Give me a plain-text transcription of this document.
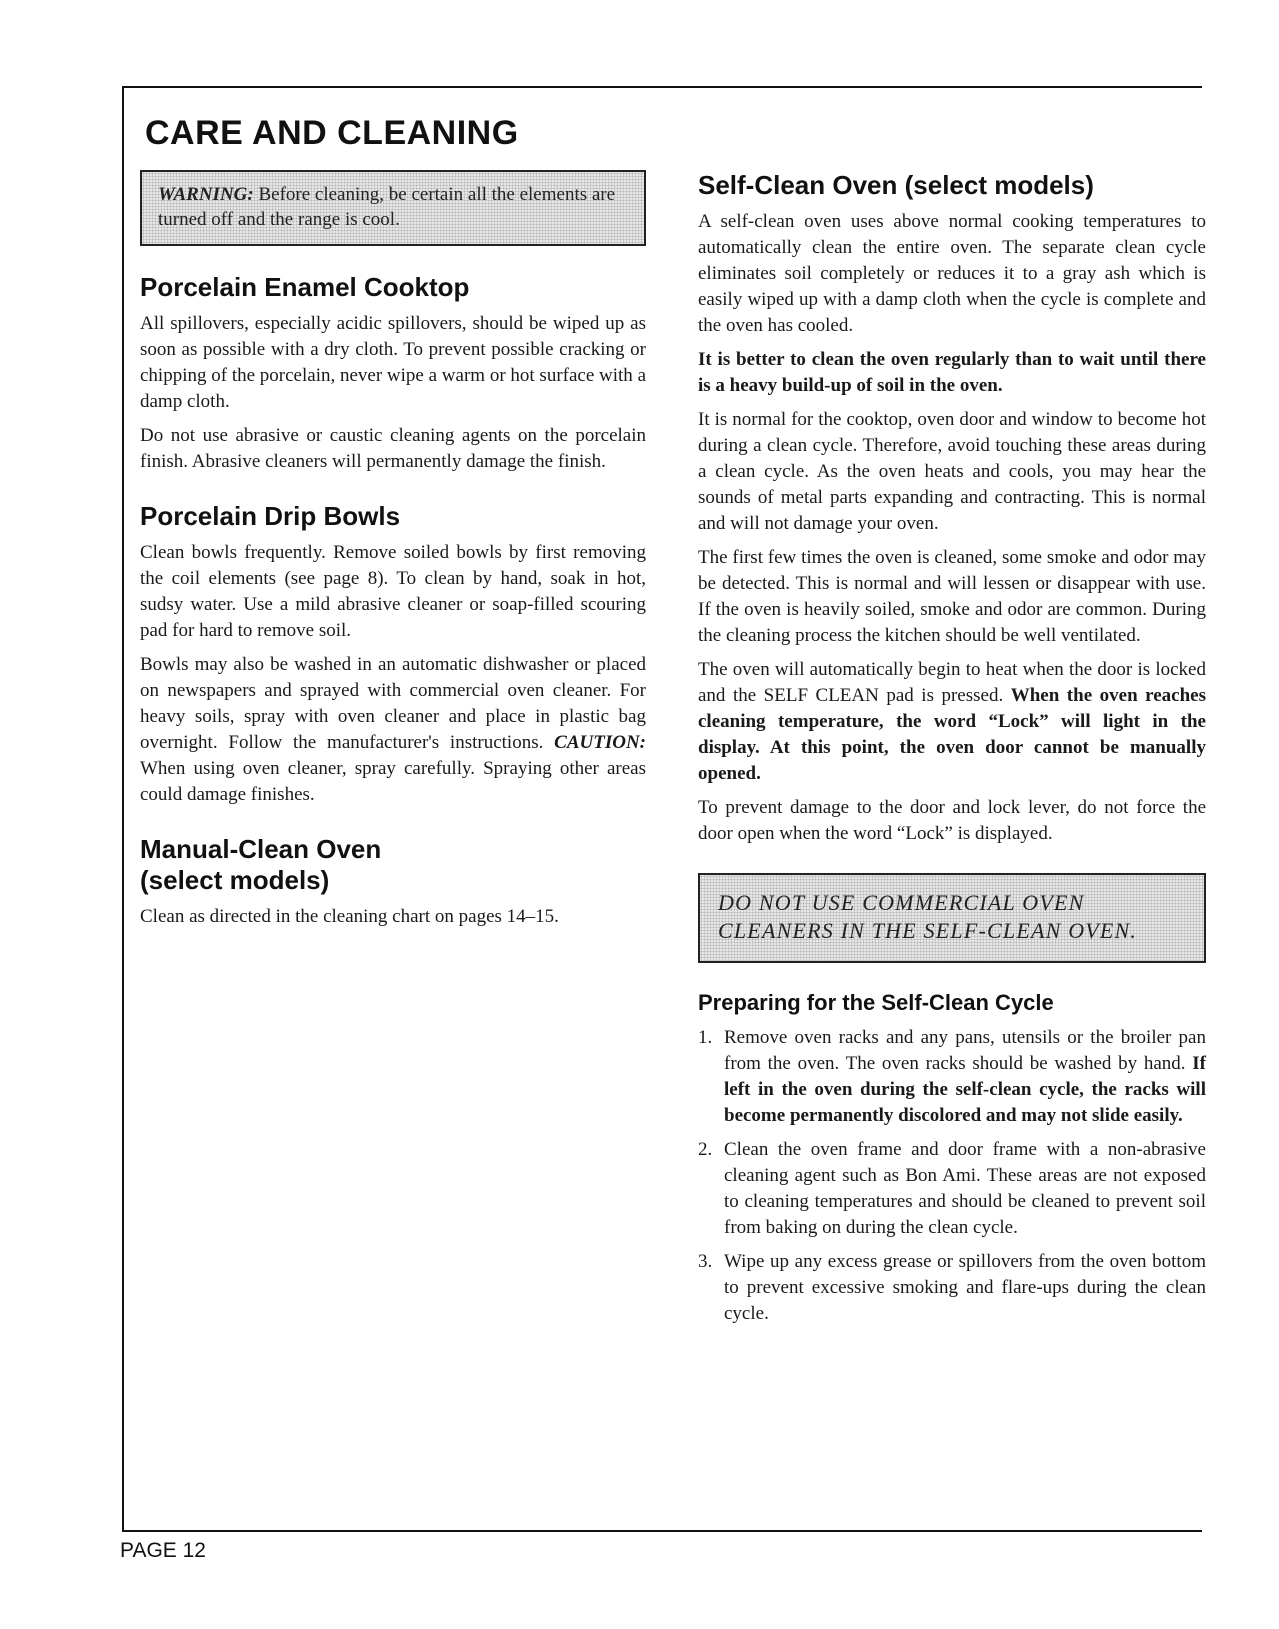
CARE AND CLEANING
WARNING: Before cleaning, be certain all the elements are turned off and the range is cool.
Porcelain Enamel Cooktop

All spillovers, especially acidic spillovers, should be wiped up as soon as possible with a dry cloth. To prevent possible cracking or chipping of the porcelain, never wipe a warm or hot surface with a damp cloth.

Do not use abrasive or caustic cleaning agents on the porcelain finish. Abrasive cleaners will permanently damage the finish.

Porcelain Drip Bowls

Clean bowls frequently. Remove soiled bowls by first removing the coil elements (see page 8). To clean by hand, soak in hot, sudsy water. Use a mild abrasive cleaner or soap-filled scouring pad for hard to remove soil.

Bowls may also be washed in an automatic dishwasher or placed on newspapers and sprayed with commercial oven cleaner. For heavy soils, spray with oven cleaner and place in plastic bag overnight. Follow the manufacturer's instructions. CAUTION: When using oven cleaner, spray carefully. Spraying other areas could damage finishes.

Manual-Clean Oven
(select models)

Clean as directed in the cleaning chart on pages 14–15.

Self-Clean Oven (select models)

A self-clean oven uses above normal cooking temperatures to automatically clean the entire oven. The separate clean cycle eliminates soil completely or reduces it to a gray ash which is easily wiped up with a damp cloth when the cycle is complete and the oven has cooled.

It is better to clean the oven regularly than to wait until there is a heavy build-up of soil in the oven.

It is normal for the cooktop, oven door and window to become hot during a clean cycle. Therefore, avoid touching these areas during a clean cycle. As the oven heats and cools, you may hear the sounds of metal parts expanding and contracting. This is normal and will not damage your oven.

The first few times the oven is cleaned, some smoke and odor may be detected. This is normal and will lessen or disappear with use. If the oven is heavily soiled, smoke and odor are common. During the cleaning process the kitchen should be well ventilated.

The oven will automatically begin to heat when the door is locked and the SELF CLEAN pad is pressed. When the oven reaches cleaning temperature, the word “Lock” will light in the display. At this point, the oven door cannot be manually opened.

To prevent damage to the door and lock lever, do not force the door open when the word “Lock” is displayed.

DO NOT USE COMMERCIAL OVEN CLEANERS IN THE SELF-CLEAN OVEN.
Preparing for the Self-Clean Cycle
1. Remove oven racks and any pans, utensils or the broiler pan from the oven. The oven racks should be washed by hand. If left in the oven during the self-clean cycle, the racks will become permanently discolored and may not slide easily.
2. Clean the oven frame and door frame with a non-abrasive cleaning agent such as Bon Ami. These areas are not exposed to cleaning temperatures and should be cleaned to prevent soil from baking on during the clean cycle.
3. Wipe up any excess grease or spillovers from the oven bottom to prevent excessive smoking and flare-ups during the clean cycle.
PAGE 12
